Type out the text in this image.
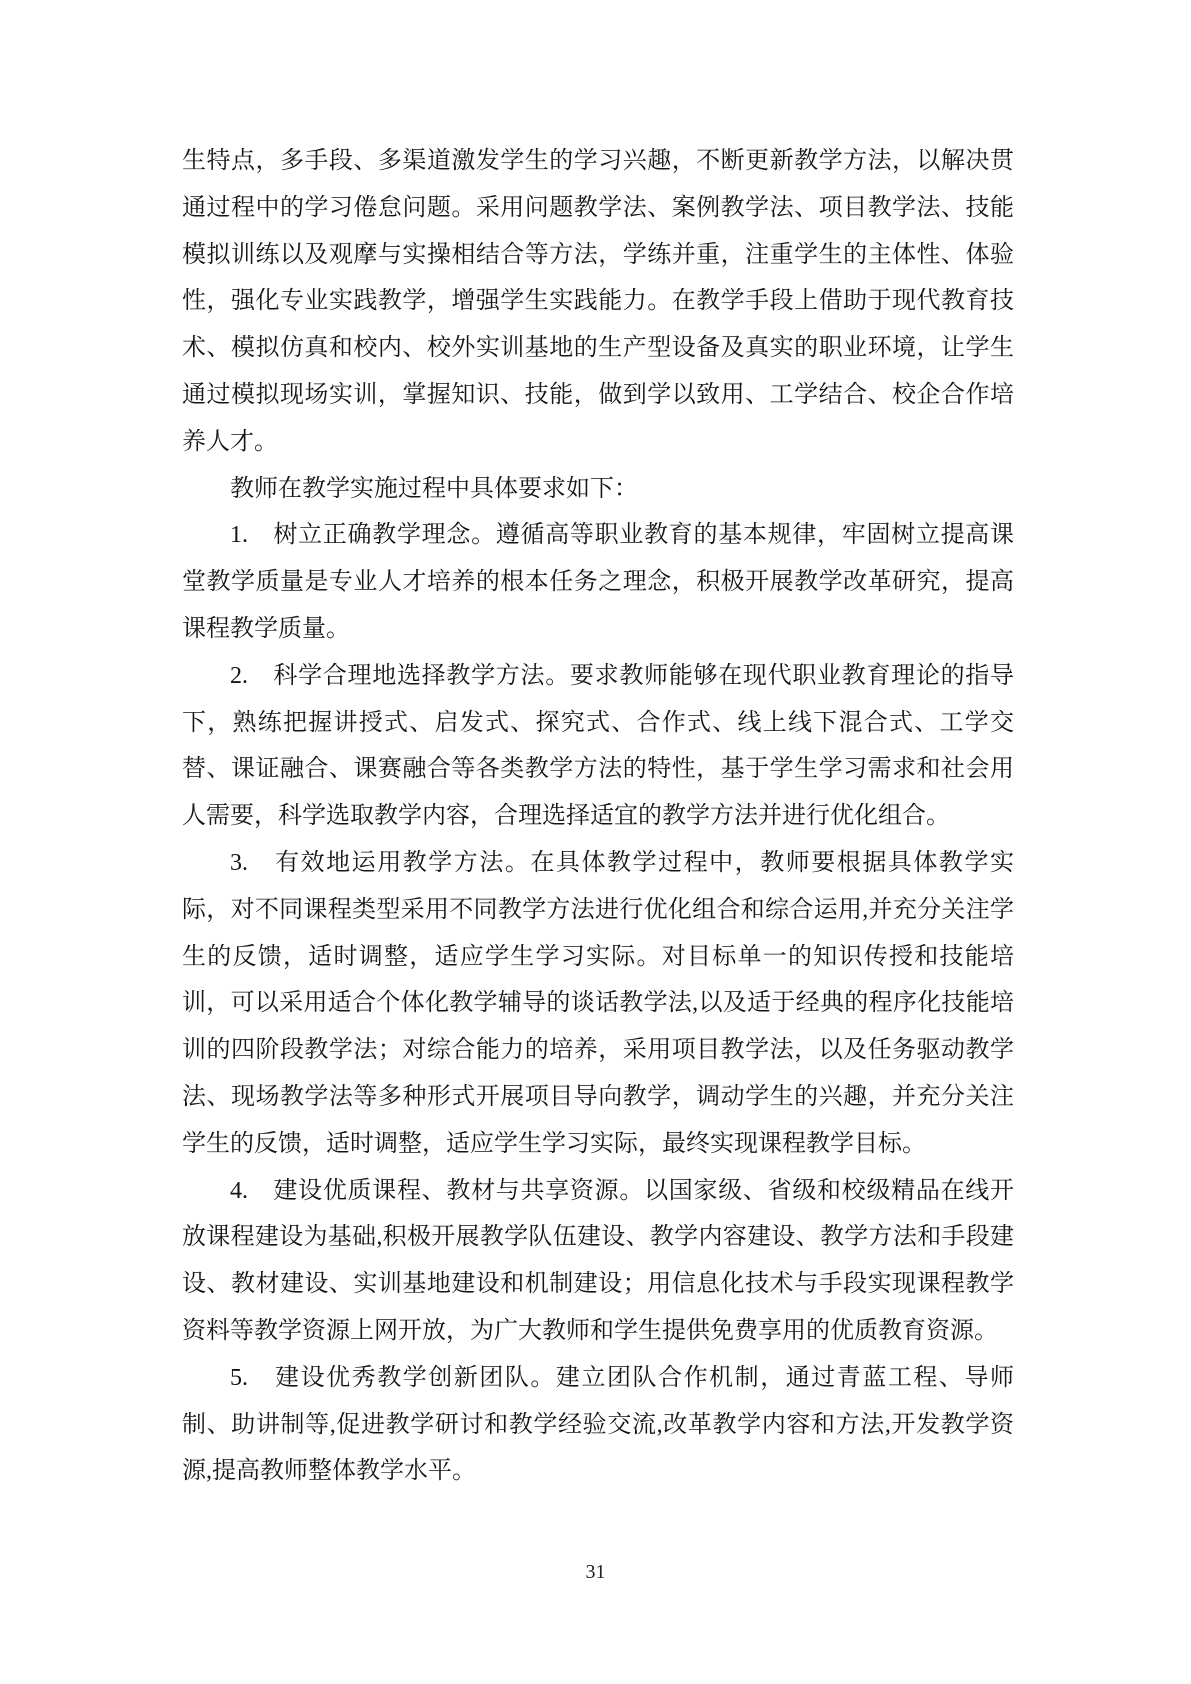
生特点，多手段、多渠道激发学生的学习兴趣，不断更新教学方法，以解决贯通过程中的学习倦怠问题。采用问题教学法、案例教学法、项目教学法、技能模拟训练以及观摩与实操相结合等方法，学练并重，注重学生的主体性、体验性，强化专业实践教学，增强学生实践能力。在教学手段上借助于现代教育技术、模拟仿真和校内、校外实训基地的生产型设备及真实的职业环境，让学生通过模拟现场实训，掌握知识、技能，做到学以致用、工学结合、校企合作培养人才。

教师在教学实施过程中具体要求如下：

1.　树立正确教学理念。遵循高等职业教育的基本规律，牢固树立提高课堂教学质量是专业人才培养的根本任务之理念，积极开展教学改革研究，提高课程教学质量。

2.　科学合理地选择教学方法。要求教师能够在现代职业教育理论的指导下，熟练把握讲授式、启发式、探究式、合作式、线上线下混合式、工学交替、课证融合、课赛融合等各类教学方法的特性，基于学生学习需求和社会用人需要，科学选取教学内容，合理选择适宜的教学方法并进行优化组合。

3.　有效地运用教学方法。在具体教学过程中，教师要根据具体教学实际，对不同课程类型采用不同教学方法进行优化组合和综合运用,并充分关注学生的反馈，适时调整，适应学生学习实际。对目标单一的知识传授和技能培训，可以采用适合个体化教学辅导的谈话教学法,以及适于经典的程序化技能培训的四阶段教学法；对综合能力的培养，采用项目教学法，以及任务驱动教学法、现场教学法等多种形式开展项目导向教学，调动学生的兴趣，并充分关注学生的反馈，适时调整，适应学生学习实际，最终实现课程教学目标。

4.　建设优质课程、教材与共享资源。以国家级、省级和校级精品在线开放课程建设为基础,积极开展教学队伍建设、教学内容建设、教学方法和手段建设、教材建设、实训基地建设和机制建设；用信息化技术与手段实现课程教学资料等教学资源上网开放，为广大教师和学生提供免费享用的优质教育资源。

5.　建设优秀教学创新团队。建立团队合作机制，通过青蓝工程、导师制、助讲制等,促进教学研讨和教学经验交流,改革教学内容和方法,开发教学资源,提高教师整体教学水平。

31
